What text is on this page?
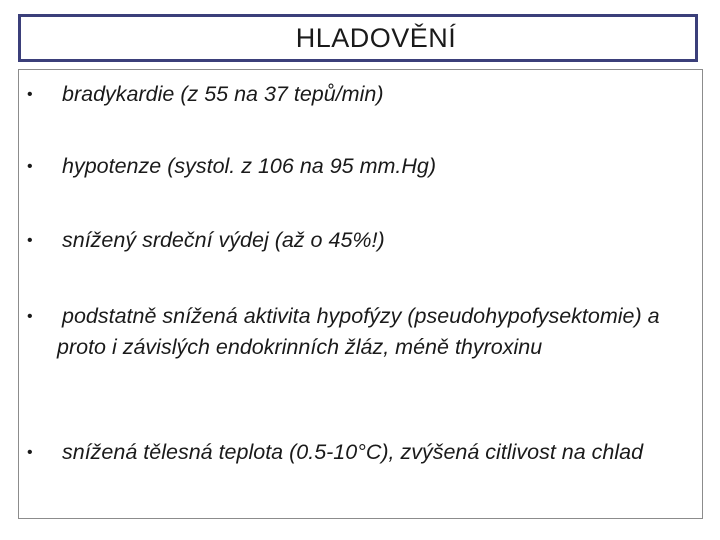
HLADOVĚNÍ
•	bradykardie (z 55 na 37 tepů/min)
•	hypotenze (systol. z 106 na 95 mm.Hg)
•	snížený srdeční výdej (až o 45%!)
•	podstatně snížená aktivita hypofýzy (pseudohypofysektomie) a proto i závislých endokrinních žláz, méně thyroxinu
•	snížená tělesná teplota (0.5-10°C), zvýšená citlivost na chlad
